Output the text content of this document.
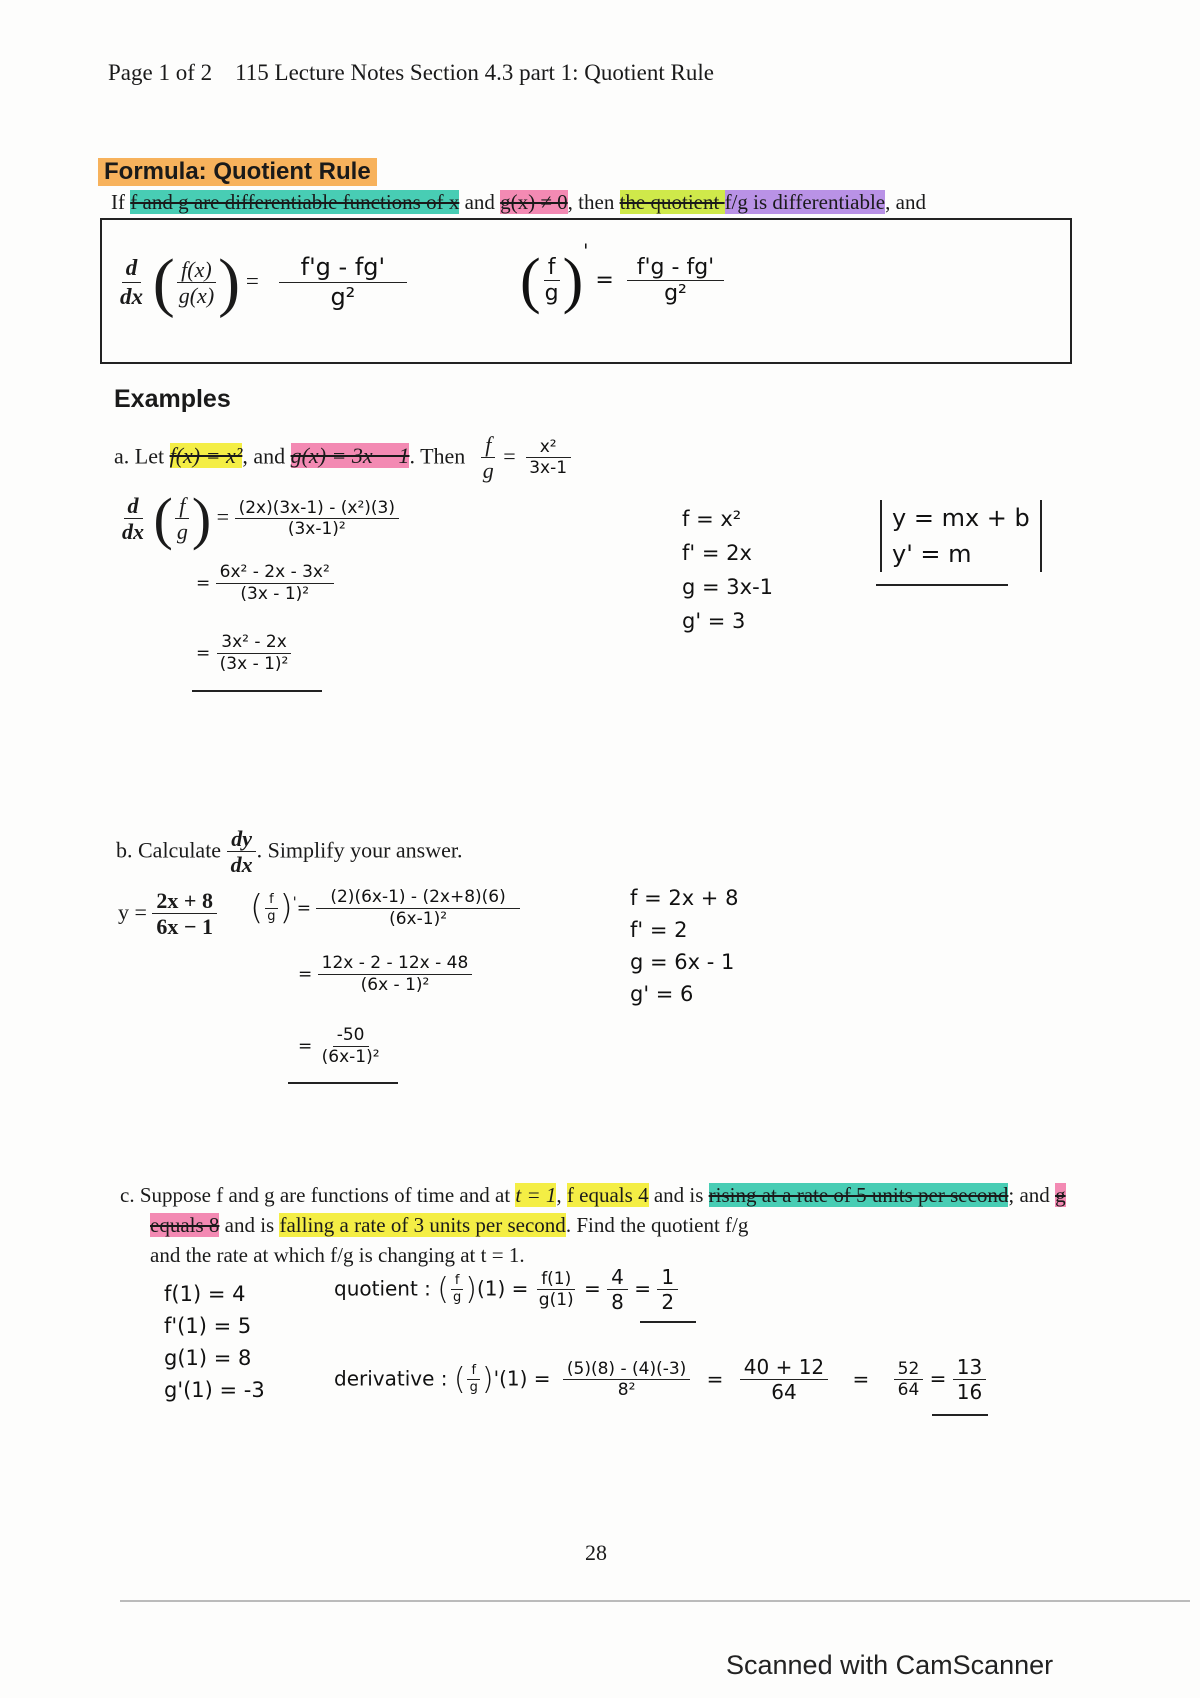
Page 1 of 2 115 Lecture Notes Section 4.3 part 1: Quotient Rule
Formula: Quotient Rule
If f and g are differentiable functions of x and g(x) ≠ 0, then the quotient f/g is differentiable, and
$\frac{d}{dx}$ ( $\frac{f(x)}{g(x)}$ ) = $\frac{f'g - fg'}{\text{g²}}$ ( $\frac{f}{g} )' = \frac{f'g - fg'}{\text{g²}}$
Examples
a. Let f(x) = x², and g(x) = 3x − 1. Then $\frac{f}{g} = \frac{\text{x²}}{3x-1}$
$\frac{d}{dx}$ ( $\frac{f}{g}$ ) = $\frac{\text{(2x)(3x-1) - (x²)(3)}}{\text{(3x-1)²}}$
= $\frac{\text{6x² - 2x - 3x²}}{\text{(3x - 1)²}}$
= $\frac{\text{3x² - 2x}}{\text{(3x - 1)²}}$
f = x²
f' = 2x
g = 3x-1
g' = 3
y = mx + b
y' = m
b. Calculate $\frac{dy}{dx}$ . Simplify your answer.
$y = \frac{2x + 8}{6x - 1}$ ( $\frac{f}{g} )'= \frac{(2)(6x-1) - (2x+8)(6)}{\text{(6x-1)²}}$
= $\frac{12x - 2 - 12x - 48}{\text{(6x - 1)²}}$
= $\frac{-50}{\text{(6x-1)²}}$
f = 2x + 8
f' = 2
g = 6x - 1
g' = 6
c. Suppose f and g are functions of time and at t = 1, f equals 4 and is rising at a rate of 5 units per second; and g equals 8 and is falling a rate of 3 units per second. Find the quotient f/g
and the rate at which f/g is changing at t = 1.
f(1) = 4
f'(1) = 5
g(1) = 8
g'(1) = -3
quotient : ( $\frac{f}{g} )(1) = \frac{f(1)}{g(1)} = \frac{4}{8} = \frac{1}{2}$
derivative : ( $\frac{f}{g} )'(1) = \frac{(5)(8) - (4)(-3)}{\text{8²}} = \frac{40 + 12}{64} = \frac{52}{64} = \frac{13}{16}$
28
Scanned with CamScanner
